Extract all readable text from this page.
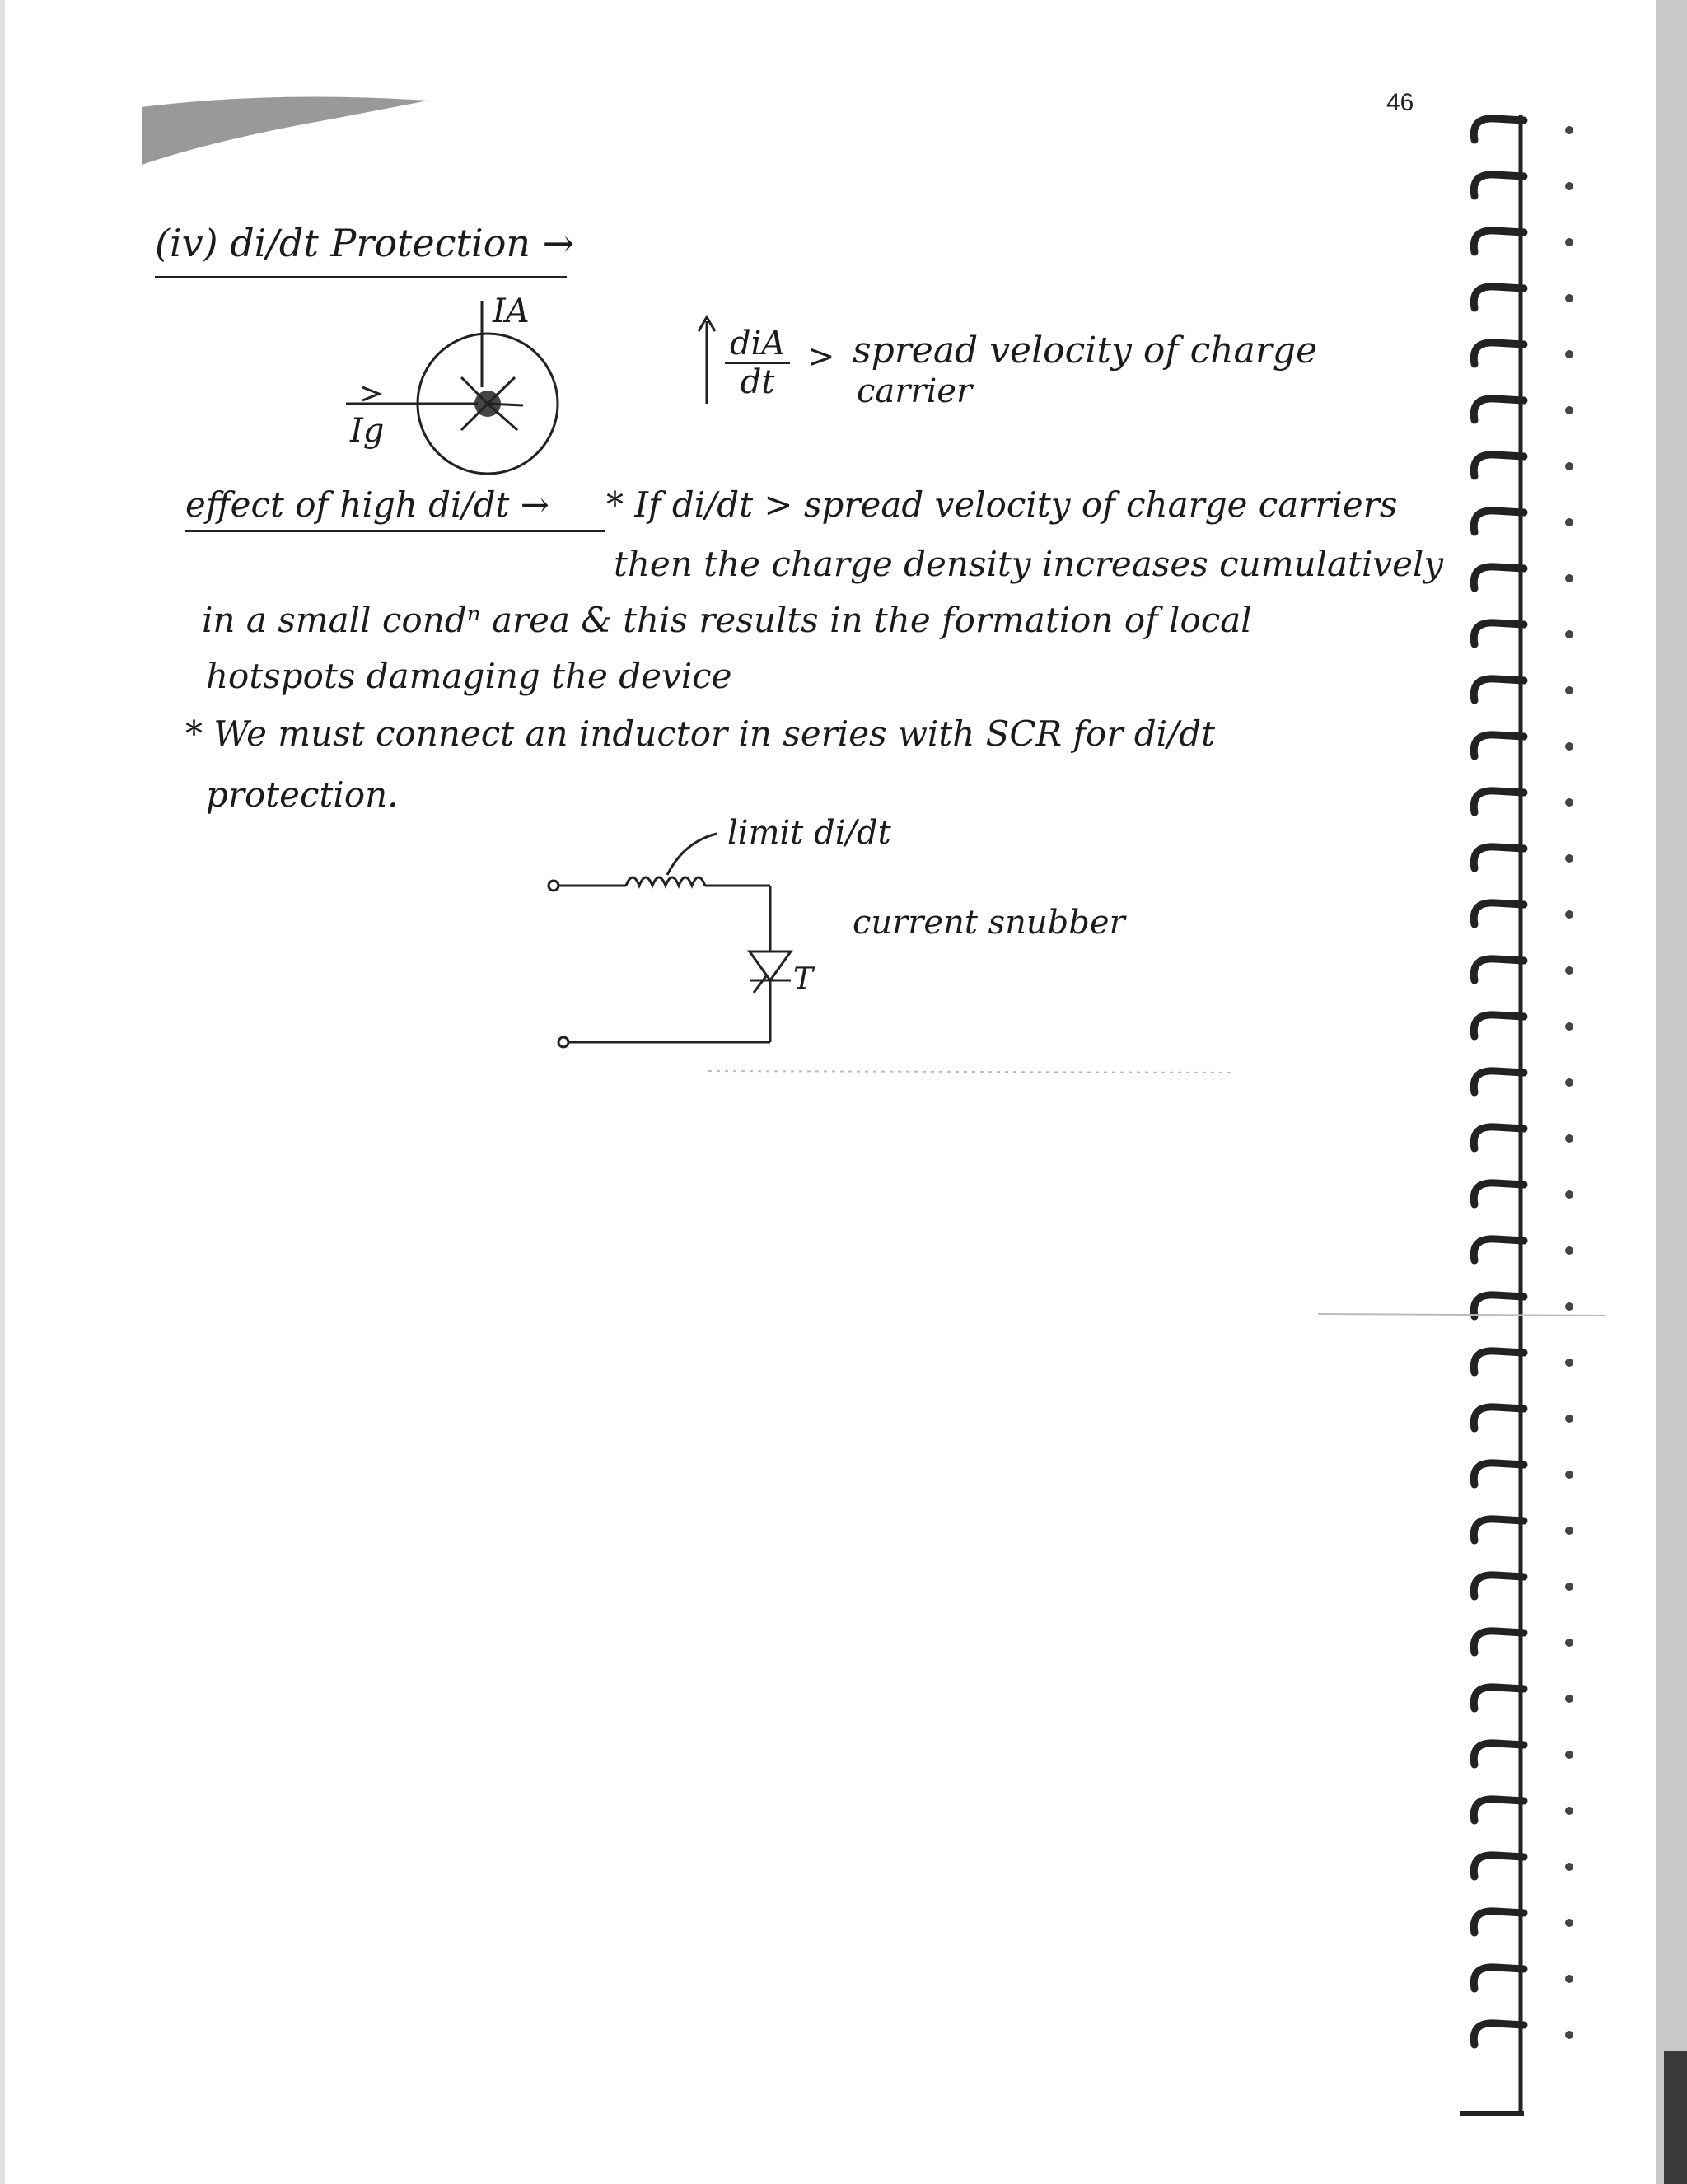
46
(iv) di/dt Protection →
IA
Ig
diA
dt
> spread velocity of charge
carrier
effect of high di/dt → * If di/dt > spread velocity of charge carriers
then the charge density increases cumulatively
in a small condⁿ area & this results in the formation of local
hotspots damaging the device
* We must connect an inductor in series with SCR for di/dt
protection.
limit di/dt
current snubber
T
